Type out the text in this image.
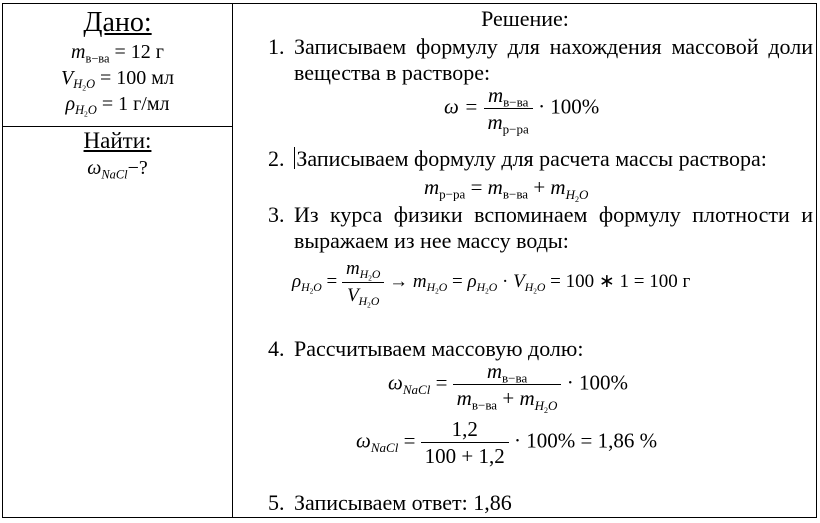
Дано:
$m_{в-ва} = 12$ г
$V_{H_2O} = 100$ мл
$\rho_{H_2O} = 1$ г/мл
Найти:
$\omega_{NaCl}-$?
Решение:
1. Записываем формулу для нахождения массовой доли вещества в растворе:
$\omega = \frac{m_{в-ва}}{m_{р-ра}} \cdot 100\%$
2. Записываем формулу для расчета массы раствора:
$m_{р-ра} = m_{в-ва} + m_{H_2O}$
3. Из курса физики вспоминаем формулу плотности и выражаем из нее массу воды:
$\rho_{H_2O} = \frac{m_{H_2O}}{V_{H_2O}} \to m_{H_2O} = \rho_{H_2O} \cdot V_{H_2O} = 100$ ∗ 1 = 100 г
4. Рассчитываем массовую долю:
$\omega_{NaCl} = \frac{m_{в-ва}}{m_{в-ва} + m_{H_2O}} \cdot 100\%$
$\omega_{NaCl} = \frac{1,2}{100 + 1,2} \cdot 100\% = 1,86$ %
5. Записываем ответ: 1,86
